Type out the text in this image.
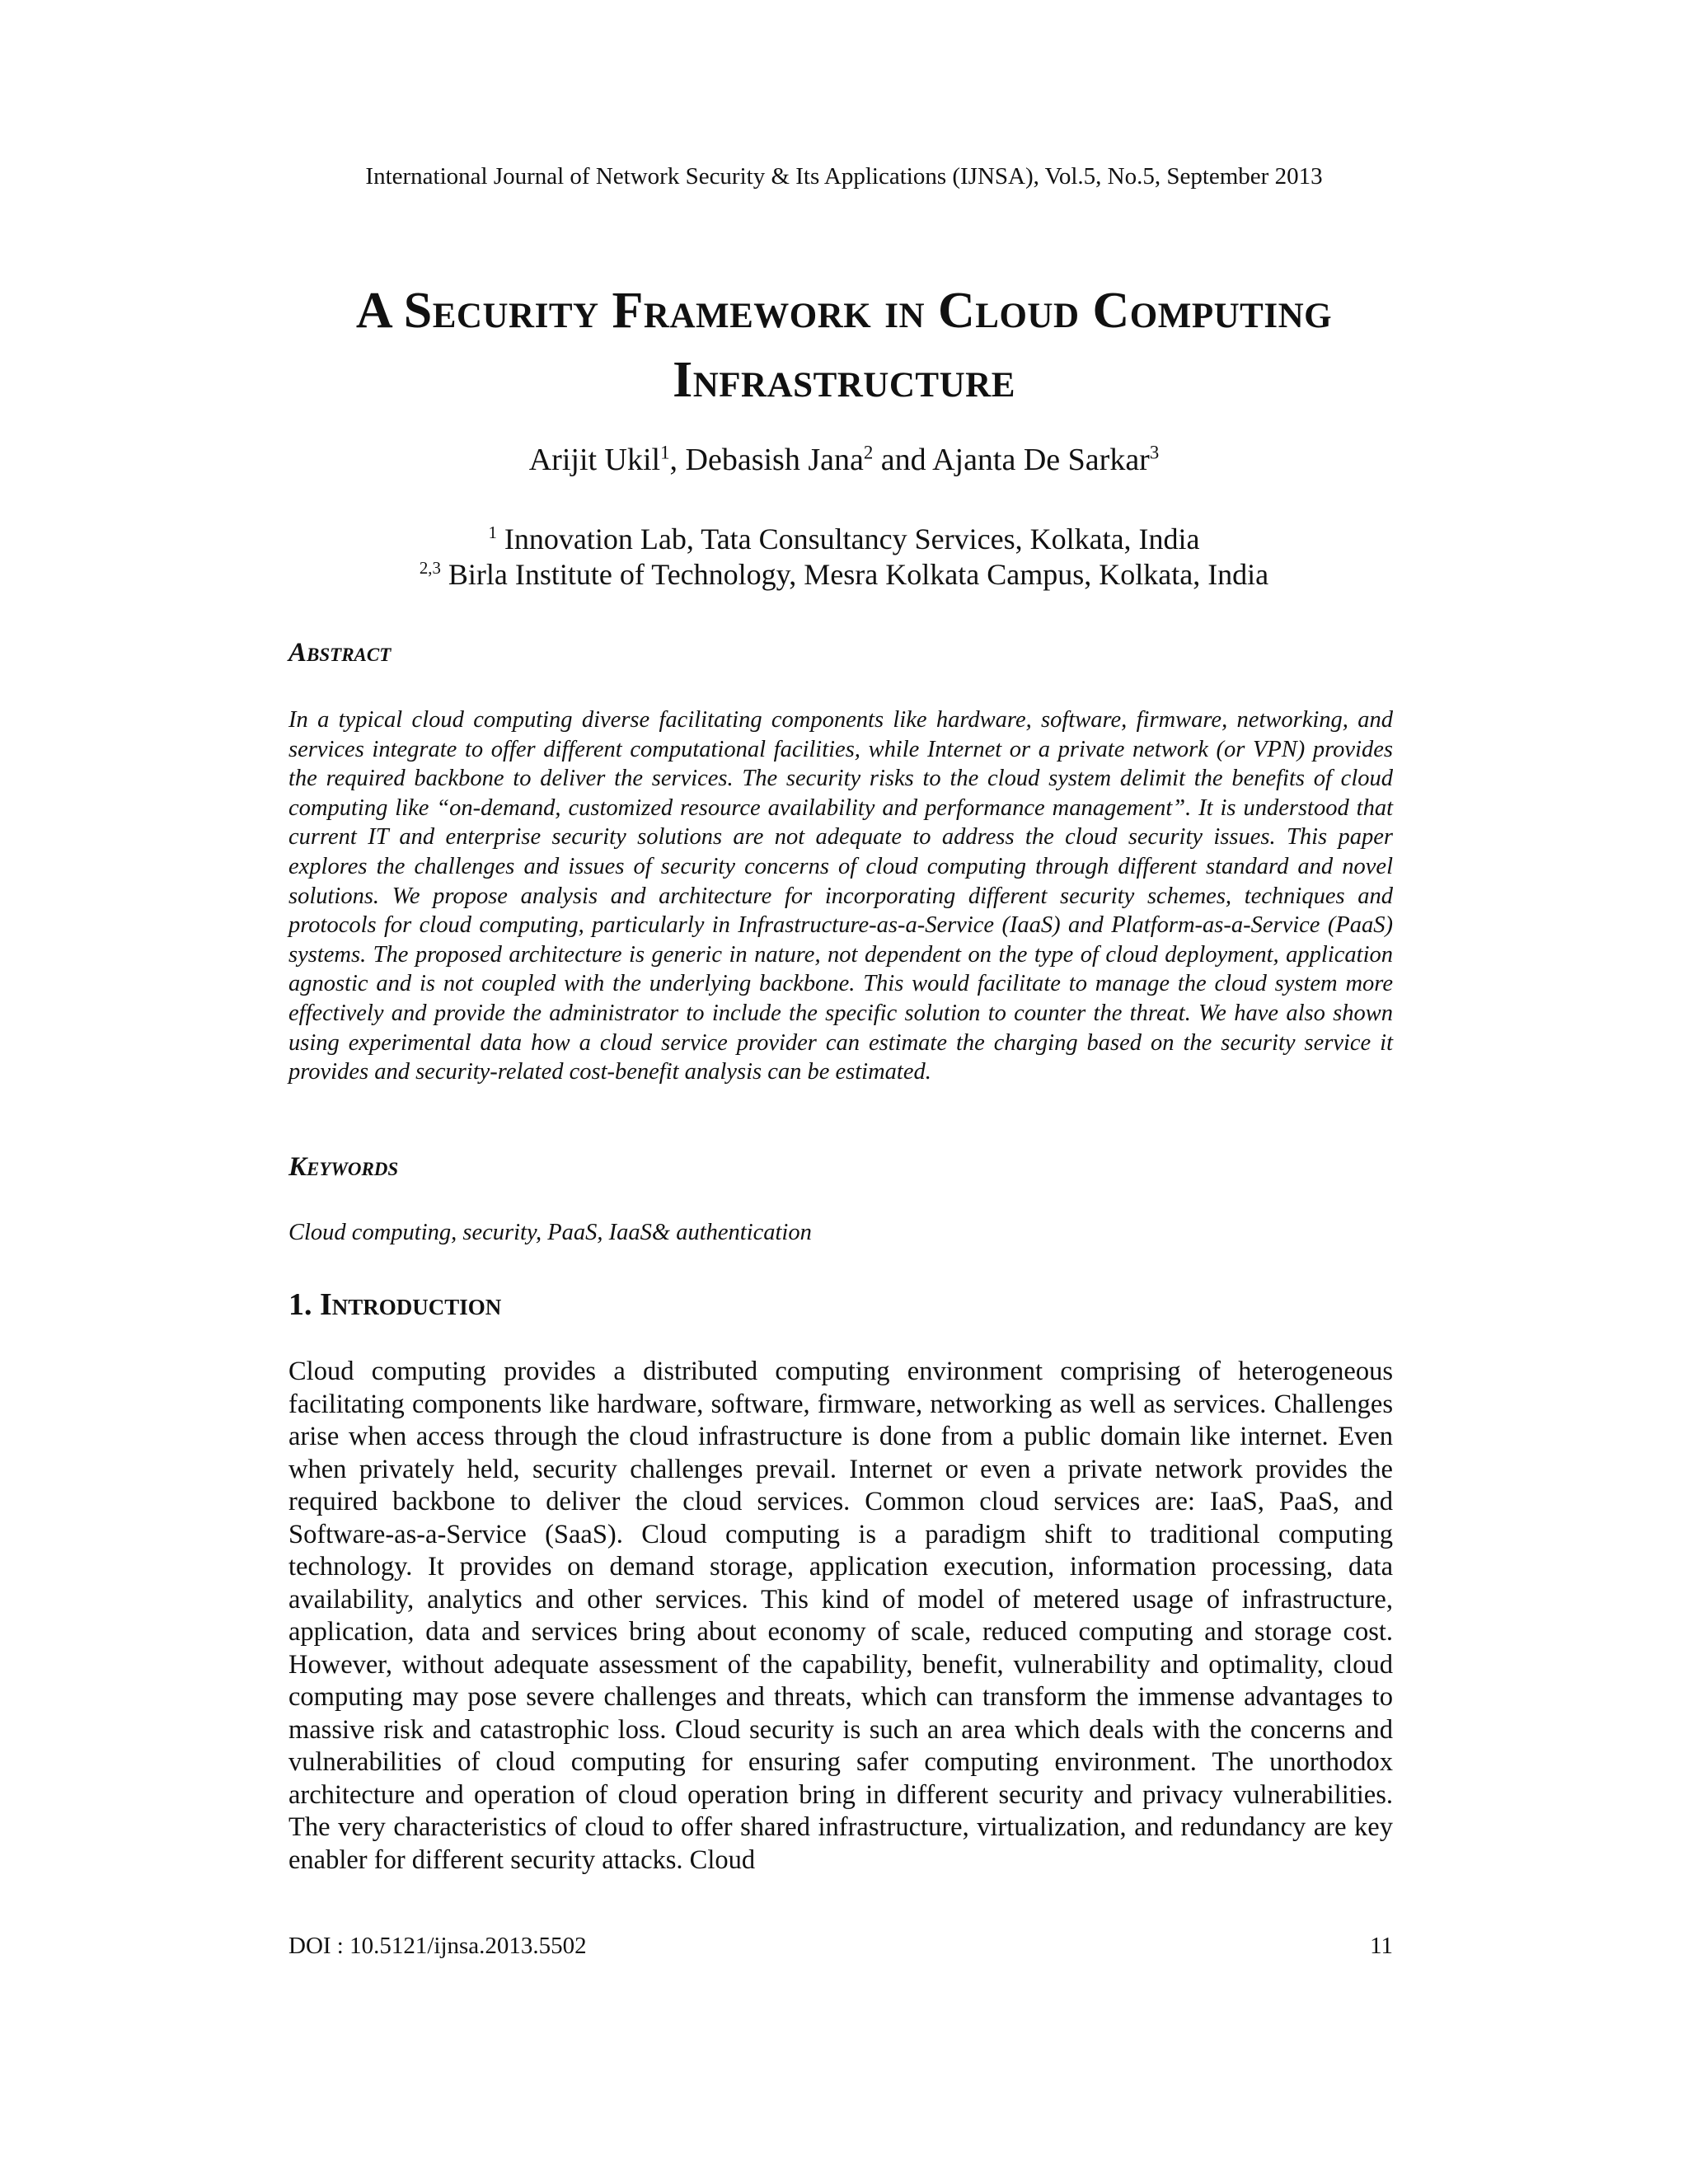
International Journal of Network Security & Its Applications (IJNSA), Vol.5, No.5, September 2013
A Security Framework in Cloud Computing Infrastructure
Arijit Ukil$^1$, Debasish Jana$^2$ and Ajanta De Sarkar$^3$
$^1$ Innovation Lab, Tata Consultancy Services, Kolkata, India
$^{2,3}$ Birla Institute of Technology, Mesra Kolkata Campus, Kolkata, India
Abstract

In a typical cloud computing diverse facilitating components like hardware, software, firmware, networking, and services integrate to offer different computational facilities, while Internet or a private network (or VPN) provides the required backbone to deliver the services. The security risks to the cloud system delimit the benefits of cloud computing like “on-demand, customized resource availability and performance management”. It is understood that current IT and enterprise security solutions are not adequate to address the cloud security issues. This paper explores the challenges and issues of security concerns of cloud computing through different standard and novel solutions. We propose analysis and architecture for incorporating different security schemes, techniques and protocols for cloud computing, particularly in Infrastructure-as-a-Service (IaaS) and Platform-as-a-Service (PaaS) systems. The proposed architecture is generic in nature, not dependent on the type of cloud deployment, application agnostic and is not coupled with the underlying backbone. This would facilitate to manage the cloud system more effectively and provide the administrator to include the specific solution to counter the threat. We have also shown using experimental data how a cloud service provider can estimate the charging based on the security service it provides and security-related cost-benefit analysis can be estimated.

Keywords
Cloud computing, security, PaaS, IaaS& authentication
1. Introduction

Cloud computing provides a distributed computing environment comprising of heterogeneous facilitating components like hardware, software, firmware, networking as well as services. Challenges arise when access through the cloud infrastructure is done from a public domain like internet. Even when privately held, security challenges prevail. Internet or even a private network provides the required backbone to deliver the cloud services. Common cloud services are: IaaS, PaaS, and Software-as-a-Service (SaaS). Cloud computing is a paradigm shift to traditional computing technology. It provides on demand storage, application execution, information processing, data availability, analytics and other services. This kind of model of metered usage of infrastructure, application, data and services bring about economy of scale, reduced computing and storage cost. However, without adequate assessment of the capability, benefit, vulnerability and optimality, cloud computing may pose severe challenges and threats, which can transform the immense advantages to massive risk and catastrophic loss. Cloud security is such an area which deals with the concerns and vulnerabilities of cloud computing for ensuring safer computing environment. The unorthodox architecture and operation of cloud operation bring in different security and privacy vulnerabilities. The very characteristics of cloud to offer shared infrastructure, virtualization, and redundancy are key enabler for different security attacks. Cloud

DOI : 10.5121/ijnsa.2013.5502	11
